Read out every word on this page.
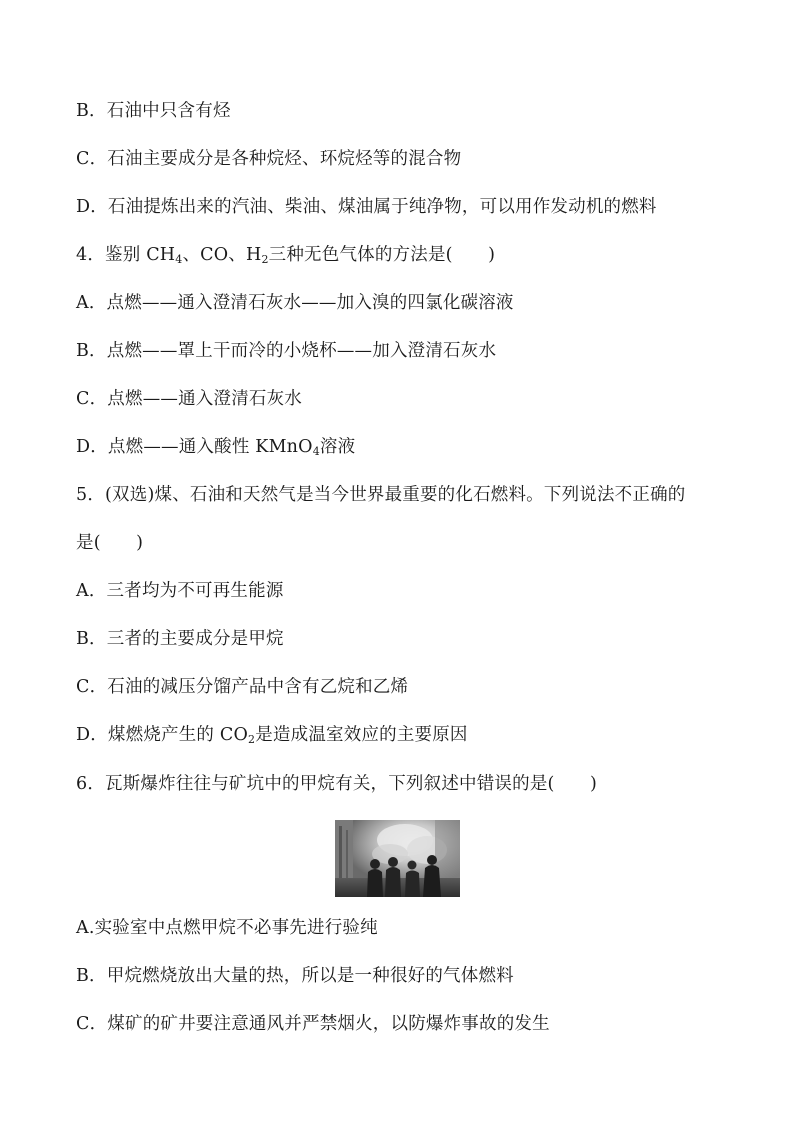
B．石油中只含有烃
C．石油主要成分是各种烷烃、环烷烃等的混合物
D．石油提炼出来的汽油、柴油、煤油属于纯净物，可以用作发动机的燃料
4．鉴别 $CH_4$、CO、$H_2$三种无色气体的方法是(　　)
A．点燃——通入澄清石灰水——加入溴的四氯化碳溶液
B．点燃——罩上干而冷的小烧杯——加入澄清石灰水
C．点燃——通入澄清石灰水
D．点燃——通入酸性 KMnO$_4$溶液
5．(双选)煤、石油和天然气是当今世界最重要的化石燃料。下列说法不正确的
是(　　)
A．三者均为不可再生能源
B．三者的主要成分是甲烷
C．石油的减压分馏产品中含有乙烷和乙烯
D．煤燃烧产生的 $CO_2$是造成温室效应的主要原因
6．瓦斯爆炸往往与矿坑中的甲烷有关，下列叙述中错误的是(　　)
A.实验室中点燃甲烷不必事先进行验纯
B．甲烷燃烧放出大量的热，所以是一种很好的气体燃料
C．煤矿的矿井要注意通风并严禁烟火，以防爆炸事故的发生
